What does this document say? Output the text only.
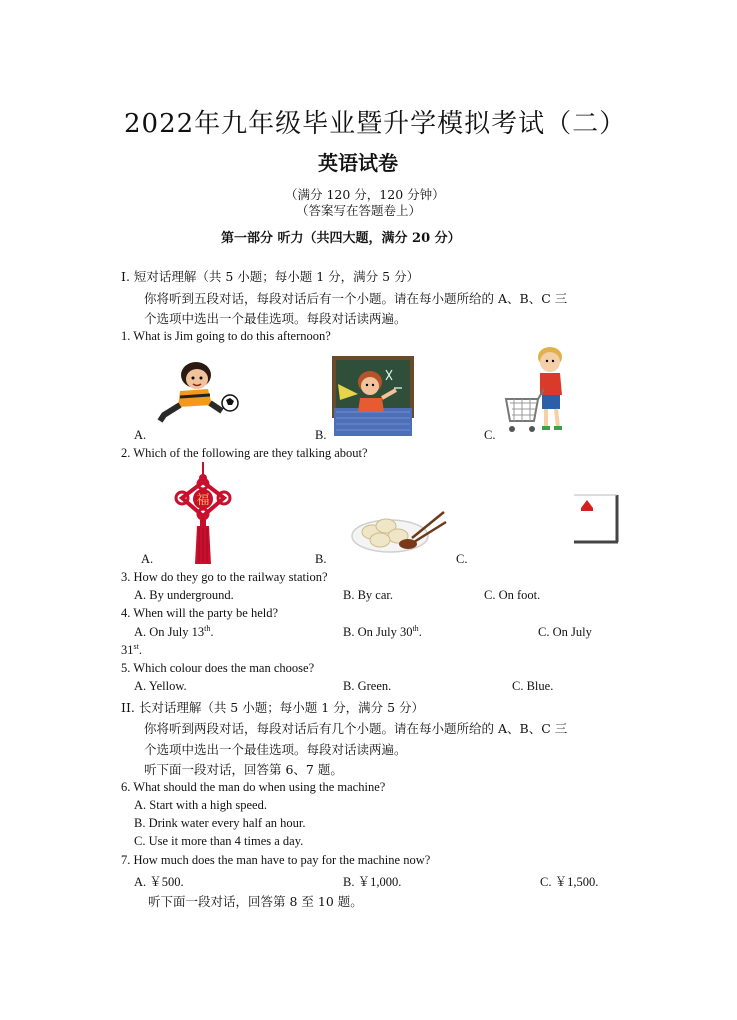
2022年九年级毕业暨升学模拟考试（二）
英语试卷
（满分 120 分，120 分钟）
（答案写在答题卷上）
第一部分 听力（共四大题，满分 20 分）
I. 短对话理解（共 5 小题；每小题 1 分，满分 5 分）
你将听到五段对话，每段对话后有一个小题。请在每小题所给的 A、B、C 三
个选项中选出一个最佳选项。每段对话读两遍。
1. What is Jim going to do this afternoon?
A.	B.	C.
2. Which of the following are they talking about?
福
A.	B.	C.
3. How do they go to the railway station?
A. By underground.	B. By car.	C. On foot.
4. When will the party be held?
A. On July 13th.	B. On July 30th.	C. On July
31st.
5. Which colour does the man choose?
A. Yellow.	B. Green.	C. Blue.
II. 长对话理解（共 5 小题；每小题 1 分，满分 5 分）
你将听到两段对话，每段对话后有几个小题。请在每小题所给的 A、B、C 三
个选项中选出一个最佳选项。每段对话读两遍。
听下面一段对话，回答第 6、7 题。
6. What should the man do when using the machine?
A. Start with a high speed.
B. Drink water every half an hour.
C. Use it more than 4 times a day.
7. How much does the man have to pay for the machine now?
A. ￥500.	B. ￥1,000.	C. ￥1,500.
听下面一段对话，回答第 8 至 10 题。
